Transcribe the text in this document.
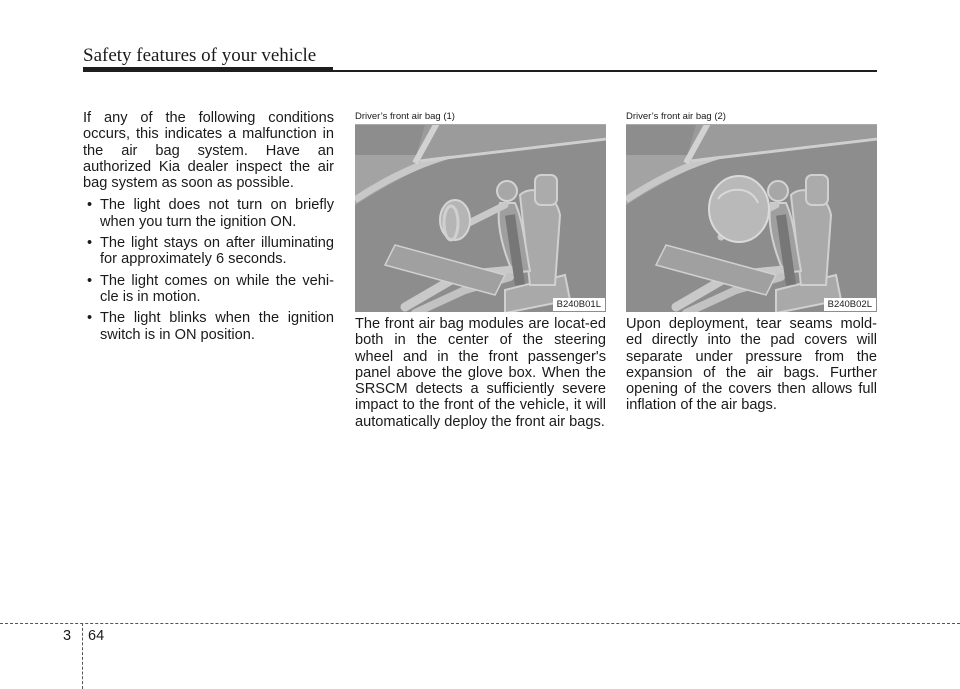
Safety features of your vehicle

If any of the following conditions occurs, this indicates a malfunction in the air bag system. Have an authorized Kia dealer inspect the air bag system as soon as possible.

• The light does not turn on briefly when you turn the ignition ON.
• The light stays on after illuminating for approximately 6 seconds.
• The light comes on while the vehi-cle is in motion.
• The light blinks when the ignition switch is in ON position.
Driver’s front air bag (1)
B240B01L
Driver’s front air bag (2)
B240B02L

The front air bag modules are locat-ed both in the center of the steering wheel and in the front passenger's panel above the glove box. When the SRSCM detects a sufficiently severe impact to the front of the vehicle, it will automatically deploy the front air bags.

Upon deployment, tear seams mold-ed directly into the pad covers will separate under pressure from the expansion of the air bags. Further opening of the covers then allows full inflation of the air bags.

3 64
